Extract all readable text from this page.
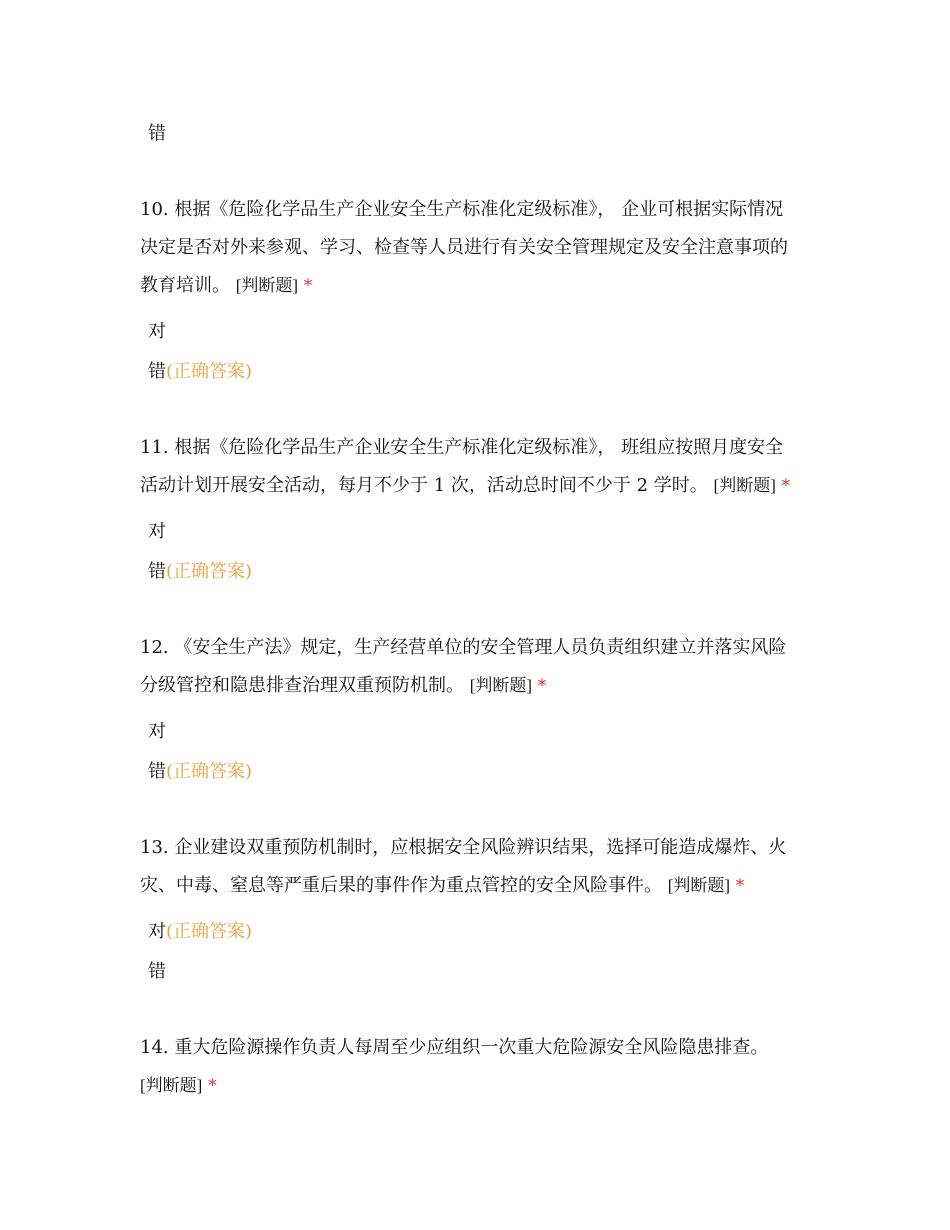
错
10. 根据《危险化学品生产企业安全生产标准化定级标准》， 企业可根据实际情况
决定是否对外来参观、学习、检查等人员进行有关安全管理规定及安全注意事项的
教育培训。 [判断题] *
对
错(正确答案)
11. 根据《危险化学品生产企业安全生产标准化定级标准》， 班组应按照月度安全
活动计划开展安全活动，每月不少于 1 次，活动总时间不少于 2 学时。 [判断题] *
对
错(正确答案)
12. 《安全生产法》规定，生产经营单位的安全管理人员负责组织建立并落实风险
分级管控和隐患排查治理双重预防机制。 [判断题] *
对
错(正确答案)
13. 企业建设双重预防机制时，应根据安全风险辨识结果，选择可能造成爆炸、火
灾、中毒、窒息等严重后果的事件作为重点管控的安全风险事件。 [判断题] *
对(正确答案)
错
14. 重大危险源操作负责人每周至少应组织一次重大危险源安全风险隐患排查。
[判断题] *
